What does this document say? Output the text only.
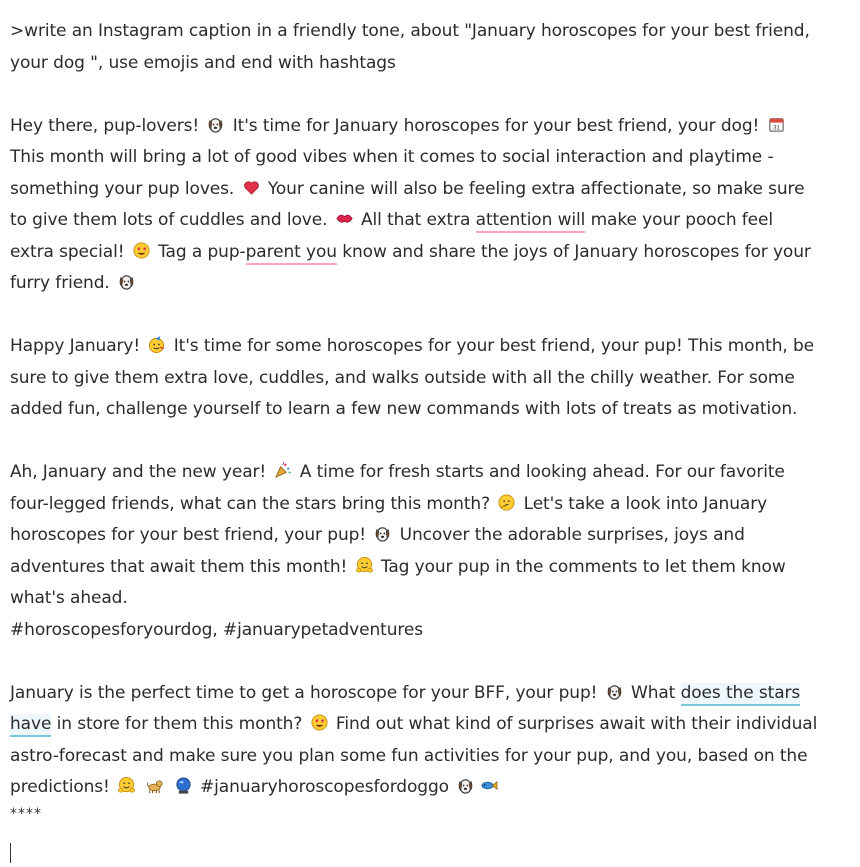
>write an Instagram caption in a friendly tone, about "January horoscopes for your best friend,
your dog ", use emojis and end with hashtags
Hey there, pup-lovers! It's time for January horoscopes for your best friend, your dog! 31
This month will bring a lot of good vibes when it comes to social interaction and playtime - something your pup loves. Your canine will also be feeling extra affectionate, so make sure to give them lots of cuddles and love. All that extra attention will make your pooch feel extra special! Tag a pup-parent you know and share the joys of January horoscopes for your furry friend.
Happy January! It's time for some horoscopes for your best friend, your pup! This month, be sure to give them extra love, cuddles, and walks outside with all the chilly weather. For some added fun, challenge yourself to learn a few new commands with lots of treats as motivation.
Ah, January and the new year! A time for fresh starts and looking ahead. For our favorite four-legged friends, what can the stars bring this month? Let's take a look into January horoscopes for your best friend, your pup! Uncover the adorable surprises, joys and adventures that await them this month! Tag your pup in the comments to let them know what's ahead.
#horoscopesforyourdog, #januarypetadventures
January is the perfect time to get a horoscope for your BFF, your pup! What does the stars have in store for them this month? Find out what kind of surprises await with their individual astro-forecast and make sure you plan some fun activities for your pup, and you, based on the predictions!

	#januaryhoroscopesfordoggo
****
